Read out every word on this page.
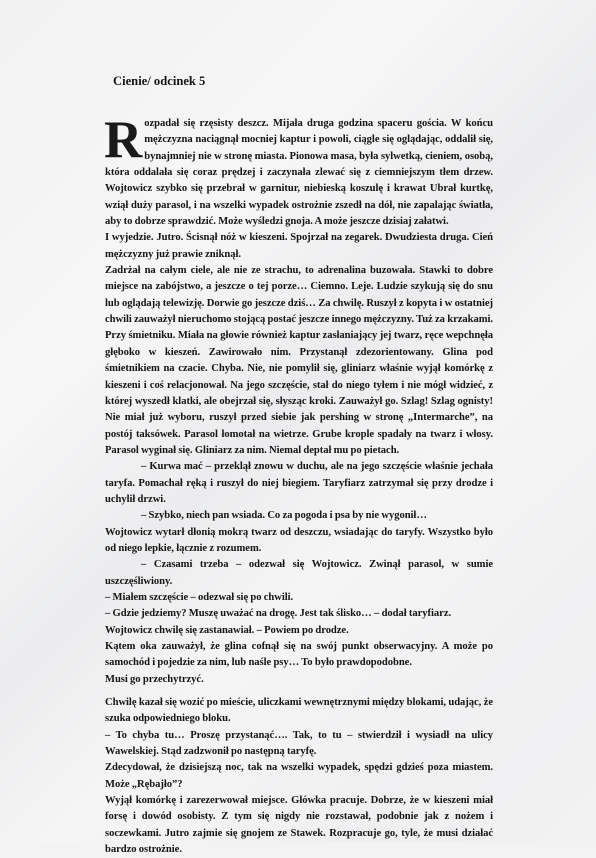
Cienie/ odcinek 5

Rozpadał się rzęsisty deszcz. Mijała druga godzina spaceru gościa. W końcu mężczyzna naciągnął mocniej kaptur i powoli, ciągle się oglądając, oddalił się, bynajmniej nie w stronę miasta. Pionowa masa, była sylwetką, cieniem, osobą, która oddalała się coraz prędzej i zaczynała zlewać się z ciemniejszym tłem drzew. Wojtowicz szybko się przebrał w garnitur, niebieską koszulę i krawat Ubrał kurtkę, wziął duży parasol, i na wszelki wypadek ostrożnie zszedł na dół, nie zapalając światła, aby to dobrze sprawdzić. Może wyśledzi gnoja. A może jeszcze dzisiaj załatwi.

I wyjedzie. Jutro. Ścisnął nóż w kieszeni. Spojrzał na zegarek. Dwudziesta druga. Cień mężczyzny już prawie zniknął.

Zadrżał na całym ciele, ale nie ze strachu, to adrenalina buzowała. Stawki to dobre miejsce na zabójstwo, a jeszcze o tej porze… Ciemno. Leje. Ludzie szykują się do snu lub oglądają telewizję. Dorwie go jeszcze dziś… Za chwilę. Ruszył z kopyta i w ostatniej chwili zauważył nieruchomo stojącą postać jeszcze innego mężczyzny. Tuż za krzakami. Przy śmietniku. Miała na głowie również kaptur zasłaniający jej twarz, ręce wepchnęła głęboko w kieszeń. Zawirowało nim. Przystanął zdezorientowany. Glina pod śmietnikiem na czacie. Chyba. Nie, nie pomylił się, gliniarz właśnie wyjął komórkę z kieszeni i coś relacjonował. Na jego szczęście, stał do niego tyłem i nie mógł widzieć, z której wyszedł klatki, ale obejrzał się, słysząc kroki. Zauważył go. Szlag! Szlag ognisty! Nie miał już wyboru, ruszył przed siebie jak pershing w stronę „Intermarche”, na postój taksówek. Parasol łomotał na wietrze. Grube krople spadały na twarz i włosy. Parasol wyginał się. Gliniarz za nim. Niemal deptał mu po pietach.

– Kurwa mać – przeklął znowu w duchu, ale na jego szczęście właśnie jechała taryfa. Pomachał ręką i ruszył do niej biegiem. Taryfiarz zatrzymał się przy drodze i uchylił drzwi.

– Szybko, niech pan wsiada. Co za pogoda i psa by nie wygonił…

Wojtowicz wytarł dłonią mokrą twarz od deszczu, wsiadając do taryfy. Wszystko było od niego lepkie, łącznie z rozumem.

– Czasami trzeba – odezwał się Wojtowicz. Zwinął parasol, w sumie uszczęśliwiony.

– Miałem szczęście – odezwał się po chwili.

– Gdzie jedziemy? Muszę uważać na drogę. Jest tak ślisko… – dodał taryfiarz.

Wojtowicz chwilę się zastanawiał. – Powiem po drodze.

Kątem oka zauważył, że glina cofnął się na swój punkt obserwacyjny. A może po samochód i pojedzie za nim, lub naśle psy… To było prawdopodobne.

Musi go przechytrzyć.

Chwilę kazał się wozić po mieście, uliczkami wewnętrznymi między blokami, udając, że szuka odpowiedniego bloku.

– To chyba tu… Proszę przystanąć…. Tak, to tu – stwierdził i wysiadł na ulicy Wawelskiej. Stąd zadzwonił po następną taryfę.

Zdecydował, że dzisiejszą noc, tak na wszelki wypadek, spędzi gdzieś poza miastem. Może „Rębajło”?

Wyjął komórkę i zarezerwował miejsce. Główka pracuje. Dobrze, że w kieszeni miał forsę i dowód osobisty. Z tym się nigdy nie rozstawał, podobnie jak z nożem i soczewkami. Jutro zajmie się gnojem ze Stawek. Rozpracuje go, tyle, że musi działać bardzo ostrożnie.
